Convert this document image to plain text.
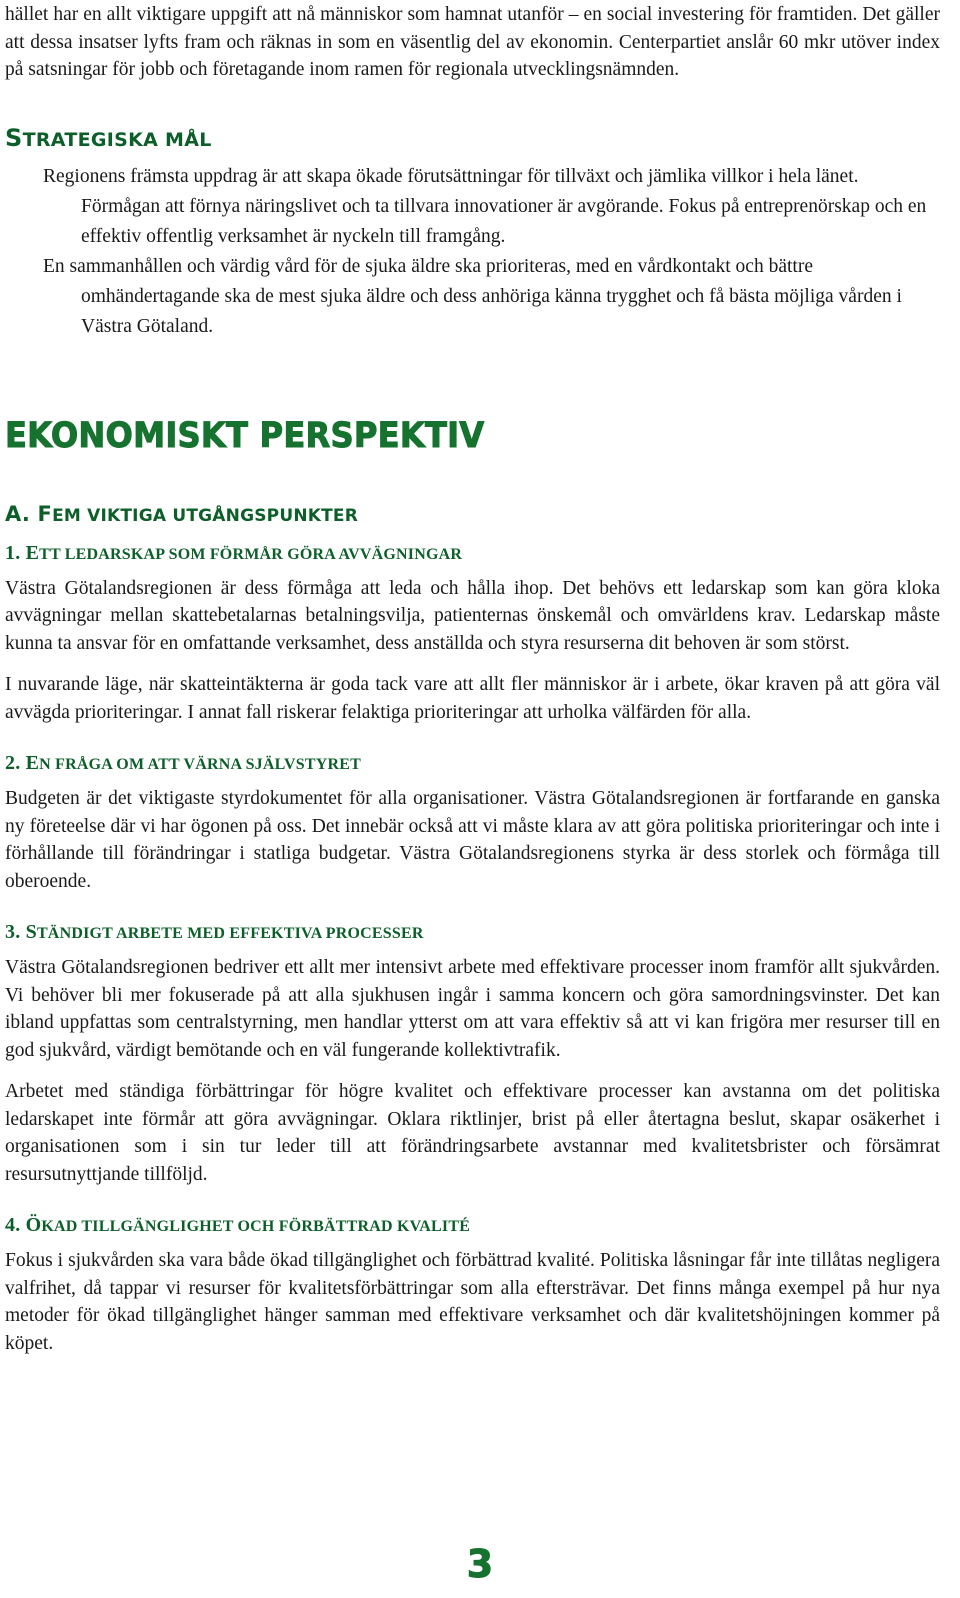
hället har en allt viktigare uppgift att nå människor som hamnat utanför – en social investering för framtiden. Det gäller att dessa insatser lyfts fram och räknas in som en väsentlig del av ekonomin. Centerpartiet anslår 60 mkr utöver index på satsningar för jobb och företagande inom ramen för regionala utvecklingsnämnden.

STRATEGISKA MÅL

Regionens främsta uppdrag är att skapa ökade förutsättningar för tillväxt och jämlika villkor i hela länet. Förmågan att förnya näringslivet och ta tillvara innovationer är avgörande. Fokus på entreprenörskap och en effektiv offentlig verksamhet är nyckeln till framgång.

En sammanhållen och värdig vård för de sjuka äldre ska prioriteras, med en vårdkontakt och bättre omhändertagande ska de mest sjuka äldre och dess anhöriga känna trygghet och få bästa möjliga vården i Västra Götaland.

EKONOMISKT PERSPEKTIV
A. FEM VIKTIGA UTGÅNGSPUNKTER
1. ETT LEDARSKAP SOM FÖRMÅR GÖRA AVVÄGNINGAR

Västra Götalandsregionen är dess förmåga att leda och hålla ihop. Det behövs ett ledarskap som kan göra kloka avvägningar mellan skattebetalarnas betalningsvilja, patienternas önskemål och omvärldens krav. Ledarskap måste kunna ta ansvar för en omfattande verksamhet, dess anställda och styra resurserna dit behoven är som störst.

I nuvarande läge, när skatteintäkterna är goda tack vare att allt fler människor är i arbete, ökar kraven på att göra väl avvägda prioriteringar. I annat fall riskerar felaktiga prioriteringar att urholka välfärden för alla.

2. EN FRÅGA OM ATT VÄRNA SJÄLVSTYRET

Budgeten är det viktigaste styrdokumentet för alla organisationer. Västra Götalandsregionen är fortfarande en ganska ny företeelse där vi har ögonen på oss. Det innebär också att vi måste klara av att göra politiska prioriteringar och inte i förhållande till förändringar i statliga budgetar. Västra Götalandsregionens styrka är dess storlek och förmåga till oberoende.

3. STÄNDIGT ARBETE MED EFFEKTIVA PROCESSER

Västra Götalandsregionen bedriver ett allt mer intensivt arbete med effektivare processer inom framför allt sjukvården. Vi behöver bli mer fokuserade på att alla sjukhusen ingår i samma koncern och göra samordningsvinster. Det kan ibland uppfattas som centralstyrning, men handlar ytterst om att vara effektiv så att vi kan frigöra mer resurser till en god sjukvård, värdigt bemötande och en väl fungerande kollektivtrafik.

Arbetet med ständiga förbättringar för högre kvalitet och effektivare processer kan avstanna om det politiska ledarskapet inte förmår att göra avvägningar. Oklara riktlinjer, brist på eller återtagna beslut, skapar osäkerhet i organisationen som i sin tur leder till att förändringsarbete avstannar med kvalitetsbrister och försämrat resursutnyttjande tillföljd.

4. ÖKAD TILLGÄNGLIGHET OCH FÖRBÄTTRAD KVALITÉ

Fokus i sjukvården ska vara både ökad tillgänglighet och förbättrad kvalité. Politiska låsningar får inte tillåtas negligera valfrihet, då tappar vi resurser för kvalitetsförbättringar som alla eftersträvar. Det finns många exempel på hur nya metoder för ökad tillgänglighet hänger samman med effektivare verksamhet och där kvalitetshöjningen kommer på köpet.

3
